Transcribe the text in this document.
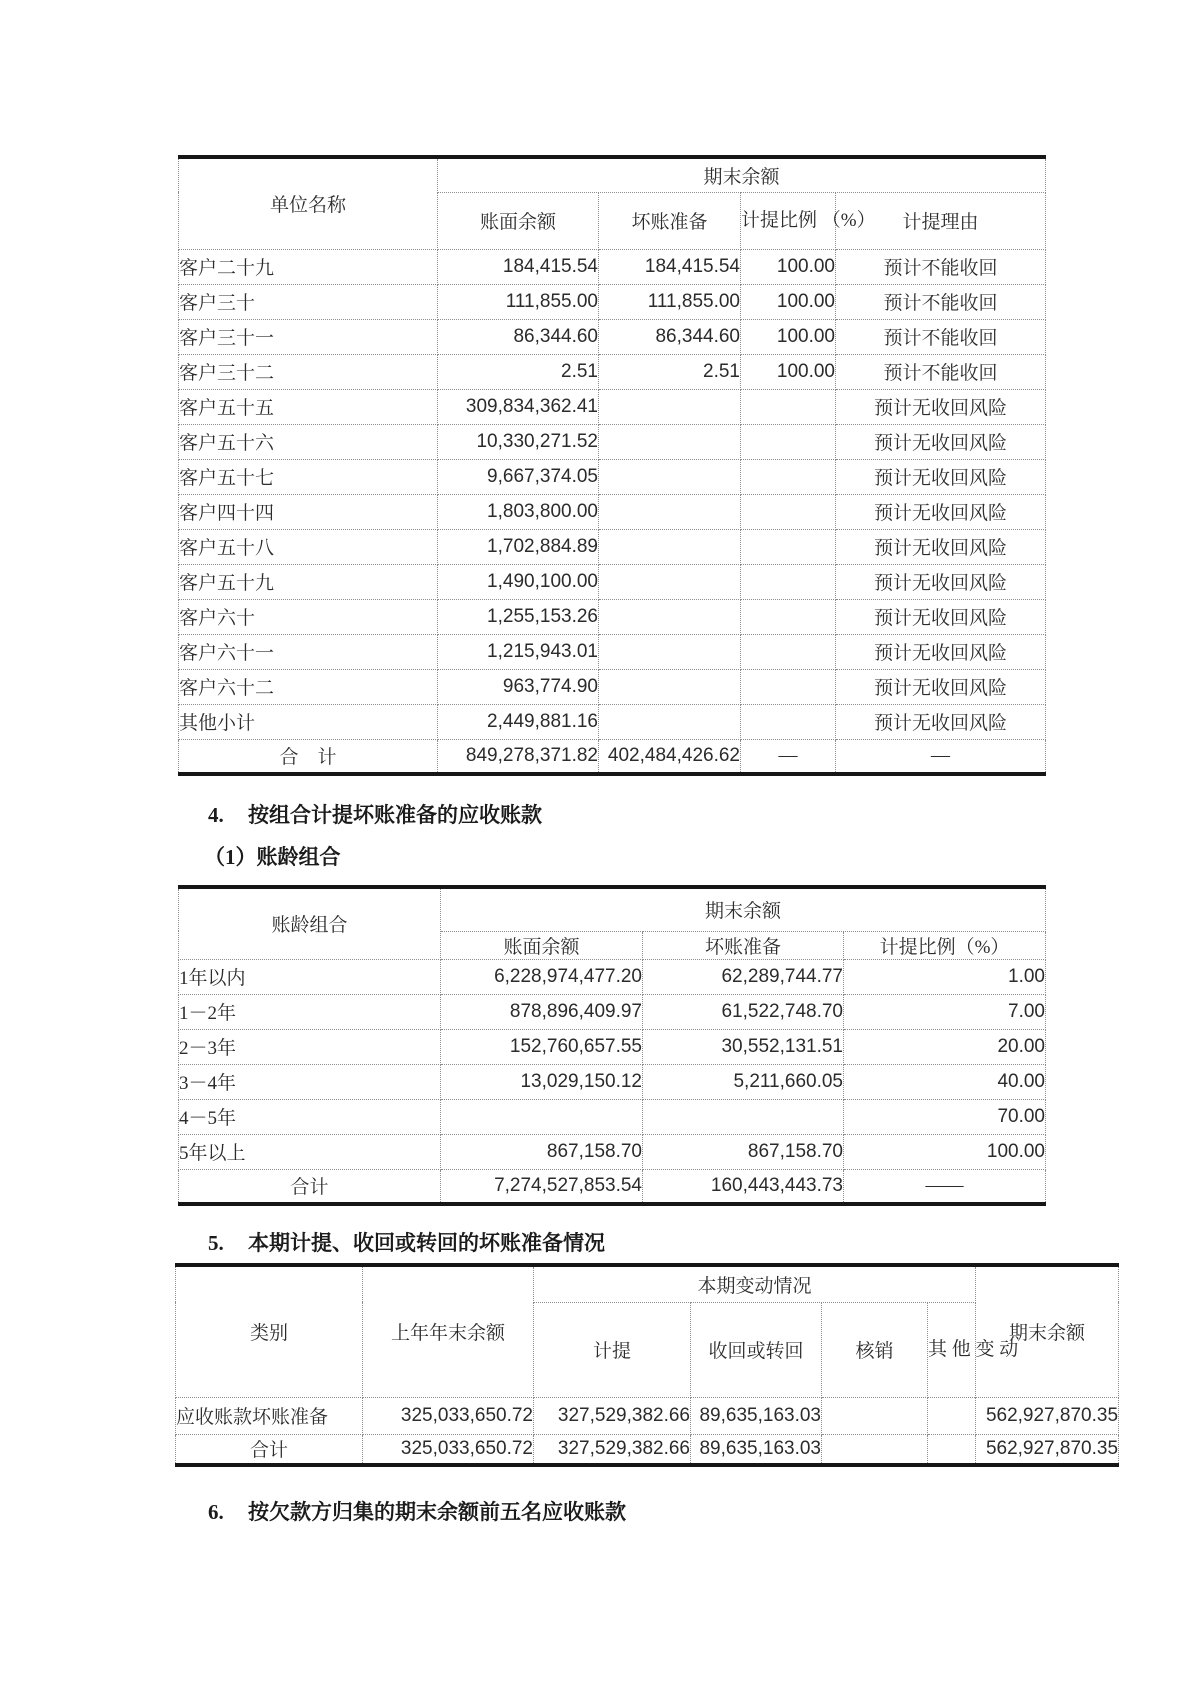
单位名称	期末余额			
	账面余额	坏账准备	计提比例 （%）	计提理由
客户二十九	184,415.54	184,415.54	100.00	预计不能收回
客户三十	111,855.00	111,855.00	100.00	预计不能收回
客户三十一	86,344.60	86,344.60	100.00	预计不能收回
客户三十二	2.51	2.51	100.00	预计不能收回
客户五十五	309,834,362.41			预计无收回风险
客户五十六	10,330,271.52			预计无收回风险
客户五十七	9,667,374.05			预计无收回风险
客户四十四	1,803,800.00			预计无收回风险
客户五十八	1,702,884.89			预计无收回风险
客户五十九	1,490,100.00			预计无收回风险
客户六十	1,255,153.26			预计无收回风险
客户六十一	1,215,943.01			预计无收回风险
客户六十二	963,774.90			预计无收回风险
其他小计	2,449,881.16			预计无收回风险
合　计	849,278,371.82	402,484,426.62	—	—
4. 按组合计提坏账准备的应收账款
（1）账龄组合
账龄组合	期末余额		
	账面余额	坏账准备	计提比例（%）
1年以内	6,228,974,477.20	62,289,744.77	1.00
1－2年	878,896,409.97	61,522,748.70	7.00
2－3年	152,760,657.55	30,552,131.51	20.00
3－4年	13,029,150.12	5,211,660.05	40.00
4－5年			70.00
5年以上	867,158.70	867,158.70	100.00
合计	7,274,527,853.54	160,443,443.73	——
5. 本期计提、收回或转回的坏账准备情况
类别	上年年末余额	本期变动情况				期末余额
		计提	收回或转回	核销	其 他 变 动	
应收账款坏账准备	325,033,650.72	327,529,382.66	89,635,163.03			562,927,870.35
合计	325,033,650.72	327,529,382.66	89,635,163.03			562,927,870.35
6. 按欠款方归集的期末余额前五名应收账款
